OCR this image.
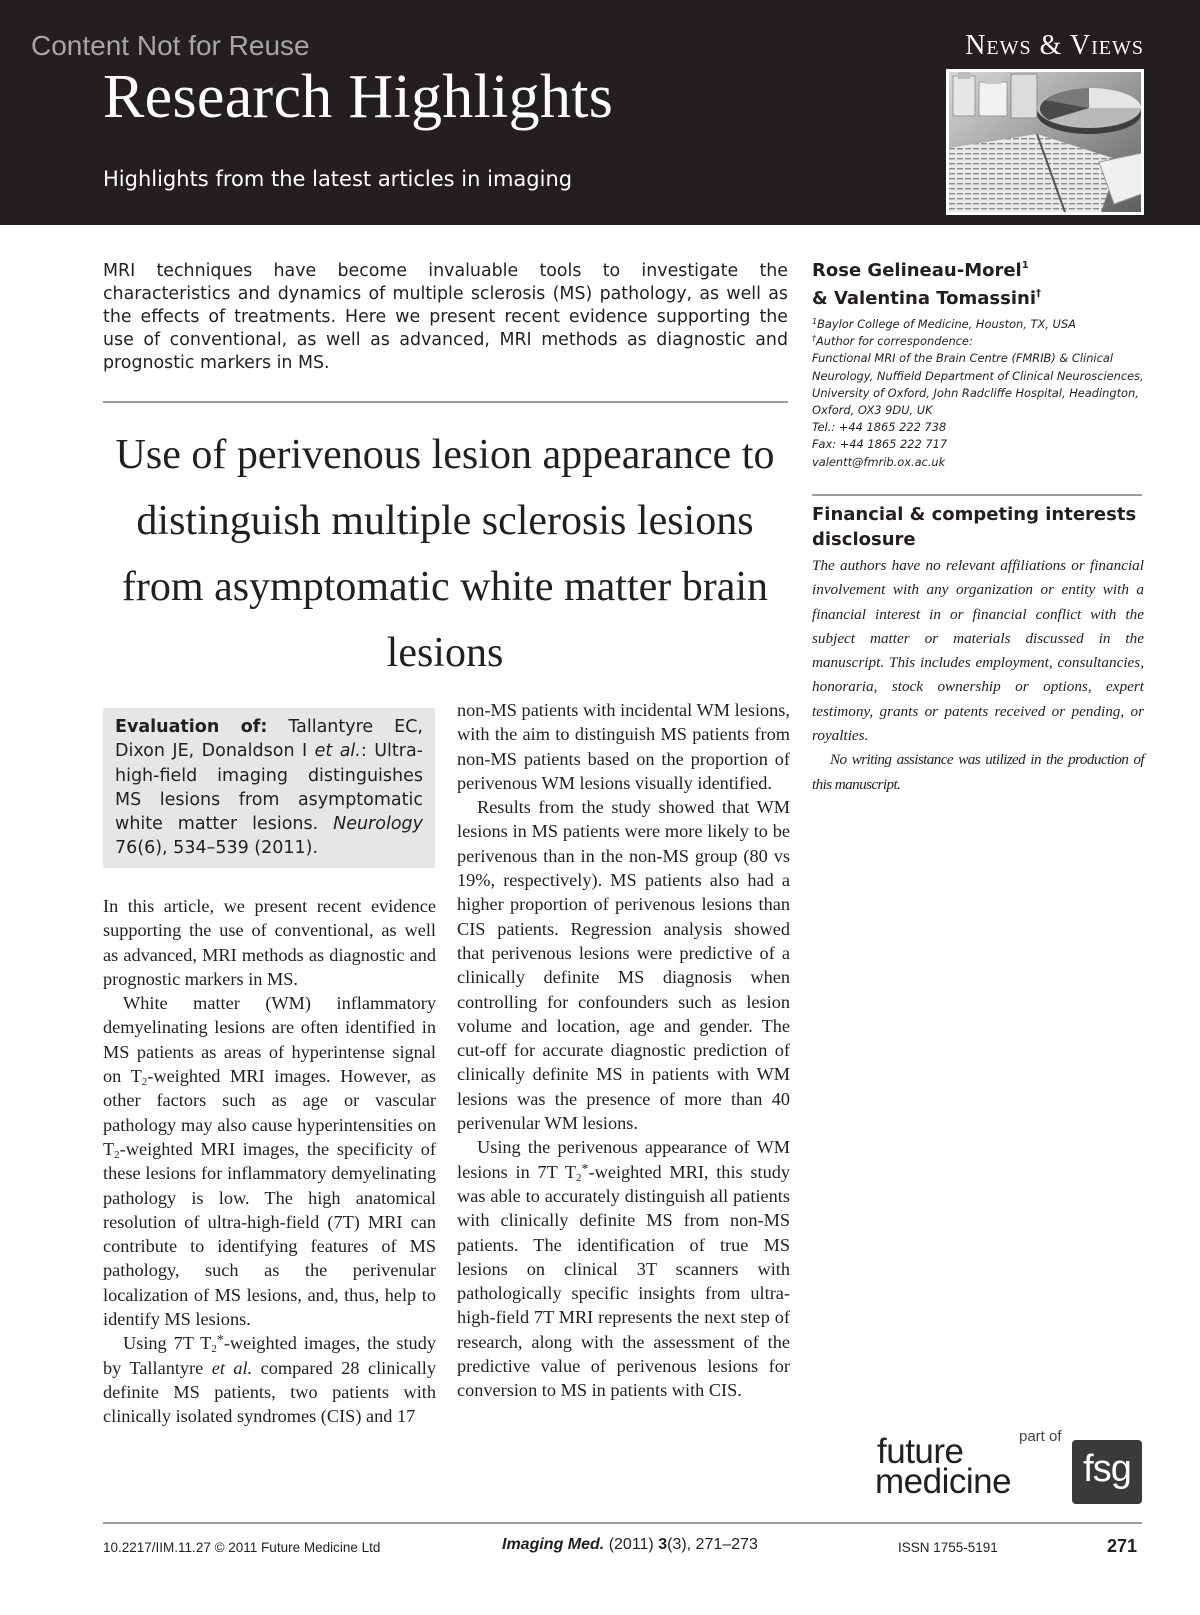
Content Not for Reuse
Research Highlights
Highlights from the latest articles in imaging
News & Views
MRI techniques have become invaluable tools to investigate the characteristics and dynamics of multiple sclerosis (MS) pathology, as well as the effects of treatments. Here we present recent evidence supporting the use of conventional, as well as advanced, MRI methods as diagnostic and prognostic markers in MS.
Use of perivenous lesion appearance to distinguish multiple sclerosis lesions from asymptomatic white matter brain lesions
Evaluation of: Tallantyre EC, Dixon JE, Donaldson I et al.: Ultra-high-field imaging distinguishes MS lesions from asymptomatic white matter lesions. Neurology 76(6), 534–539 (2011).

In this article, we present recent evidence supporting the use of conventional, as well as advanced, MRI methods as diagnostic and prognostic markers in MS.

White matter (WM) inflammatory demyelinating lesions are often identified in MS patients as areas of hyperintense signal on $T_2$-weighted MRI images. However, as other factors such as age or vascular pathology may also cause hyperintensities on $T_2$-weighted MRI images, the specificity of these lesions for inflammatory demyelinating pathology is low. The high anatomical resolution of ultra-high-field (7T) MRI can contribute to identifying features of MS pathology, such as the perivenular localization of MS lesions, and, thus, help to identify MS lesions.

Using 7T $T_2^*$-weighted images, the study by Tallantyre et al. compared 28 clinically definite MS patients, two patients with clinically isolated syndromes (CIS) and 17

non-MS patients with incidental WM lesions, with the aim to distinguish MS patients from non-MS patients based on the proportion of perivenous WM lesions visually identified.

Results from the study showed that WM lesions in MS patients were more likely to be perivenous than in the non-MS group (80 vs 19%, respectively). MS patients also had a higher proportion of perivenous lesions than CIS patients. Regression analysis showed that perivenous lesions were predictive of a clinically definite MS diagnosis when controlling for confounders such as lesion volume and location, age and gender. The cut-off for accurate diagnostic prediction of clinically definite MS in patients with WM lesions was the presence of more than 40 perivenular WM lesions.

Using the perivenous appearance of WM lesions in 7T $T_2^*$-weighted MRI, this study was able to accurately distinguish all patients with clinically definite MS from non-MS patients. The identification of true MS lesions on clinical 3T scanners with pathologically specific insights from ultra-high-field 7T MRI represents the next step of research, along with the assessment of the predictive value of perivenous lesions for conversion to MS in patients with CIS.

Rose Gelineau-Morel$^1$
& Valentina Tomassini†
$^1$Baylor College of Medicine, Houston, TX, USA
†Author for correspondence:
Functional MRI of the Brain Centre (FMRIB) & Clinical Neurology, Nuffield Department of Clinical Neurosciences, University of Oxford, John Radcliffe Hospital, Headington, Oxford, OX3 9DU, UK
Tel.: +44 1865 222 738
Fax: +44 1865 222 717
valentt@fmrib.ox.ac.uk
Financial & competing interests disclosure

The authors have no relevant affiliations or financial involvement with any organization or entity with a financial interest in or financial conflict with the subject matter or materials discussed in the manuscript. This includes employment, consultancies, honoraria, stock ownership or options, expert testimony, grants or patents received or pending, or royalties.

No writing assistance was utilized in the production of this manuscript.

future
medicine
part of
fsg
10.2217/IIM.11.27 © 2011 Future Medicine Ltd	Imaging Med. (2011) 3(3), 271–273	ISSN 1755-5191	271
